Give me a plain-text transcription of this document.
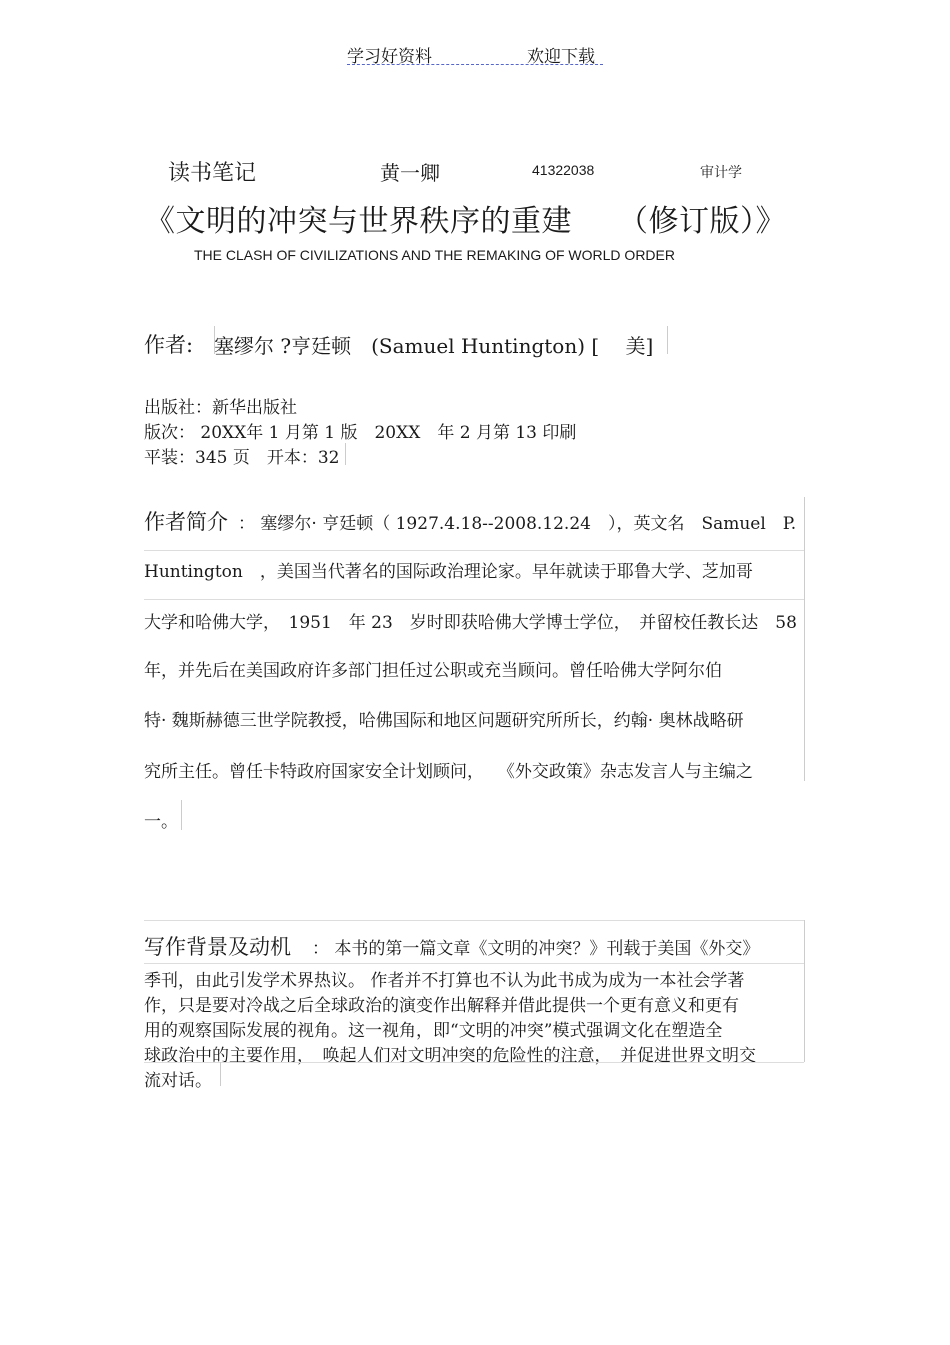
学习好资料	欢迎下载
读书笔记	黄一卿	41322038	审计学
《文明的冲突与世界秩序的重建　　（修订版）》
THE CLASH OF CIVILIZATIONS AND THE REMAKING OF WORLD ORDER
作者: 塞缪尔 ?亨廷顿　(Samuel Huntington) [　 美]
出版社：新华出版社
版次： 20XX年 1 月第 1 版　20XX　年 2 月第 13 印刷
平装：345 页　开本：32
作者简介 ： 塞缪尔· 亨廷顿（ 1927.4.18--2008.12.24　），英文名　Samuel　P.
Huntington　，美国当代著名的国际政治理论家。早年就读于耶鲁大学、芝加哥
大学和哈佛大学，　1951　年 23　岁时即获哈佛大学博士学位，　并留校任教长达　58
年，并先后在美国政府许多部门担任过公职或充当顾问。曾任哈佛大学阿尔伯
特· 魏斯赫德三世学院教授，哈佛国际和地区问题研究所所长，约翰· 奥林战略研
究所主任。曾任卡特政府国家安全计划顾问，　 《外交政策》杂志发言人与主编之
一。
写作背景及动机 ： 本书的第一篇文章《文明的冲突？》刊载于美国《外交》
季刊，由此引发学术界热议。 作者并不打算也不认为此书成为成为一本社会学著
作，只是要对冷战之后全球政治的演变作出解释并借此提供一个更有意义和更有
用的观察国际发展的视角。这一视角，即“文明的冲突”模式强调文化在塑造全
球政治中的主要作用，　唤起人们对文明冲突的危险性的注意，　并促进世界文明交
流对话。
